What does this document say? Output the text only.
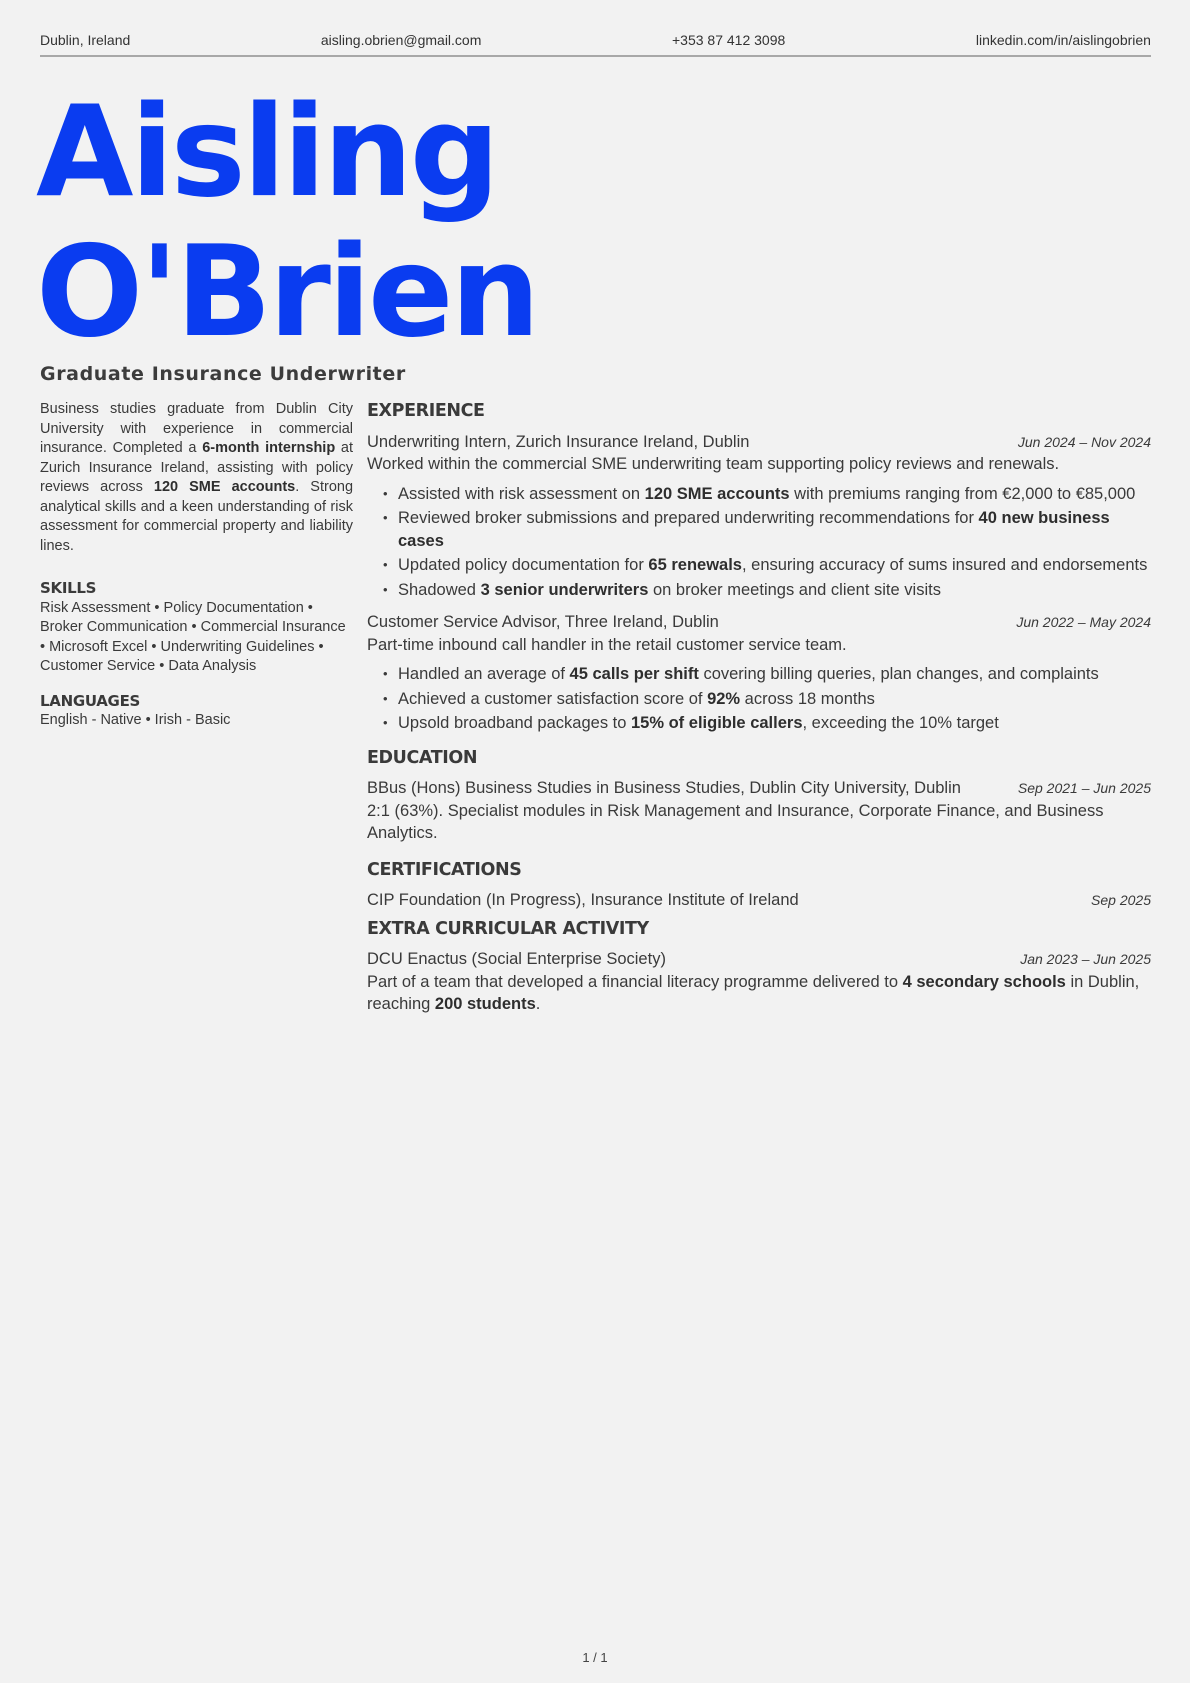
Dublin, Ireland	aisling.obrien@gmail.com	+353 87 412 3098	linkedin.com/in/aislingobrien
Aisling
O'Brien
Graduate Insurance Underwriter

Business studies graduate from Dublin City University with experience in commercial insurance. Completed a 6-month internship at Zurich Insurance Ireland, assisting with policy reviews across 120 SME accounts. Strong analytical skills and a keen understanding of risk assessment for commercial property and liability lines.

SKILLS

Risk Assessment • Policy Documentation • Broker Communication • Commercial Insurance • Microsoft Excel • Underwriting Guidelines • Customer Service • Data Analysis

LANGUAGES

English - Native • Irish - Basic

EXPERIENCE
Underwriting Intern, Zurich Insurance Ireland, Dublin	Jun 2024 – Nov 2024

Worked within the commercial SME underwriting team supporting policy reviews and renewals.

• Assisted with risk assessment on 120 SME accounts with premiums ranging from €2,000 to €85,000
• Reviewed broker submissions and prepared underwriting recommendations for 40 new business cases
• Updated policy documentation for 65 renewals, ensuring accuracy of sums insured and endorsements
• Shadowed 3 senior underwriters on broker meetings and client site visits
Customer Service Advisor, Three Ireland, Dublin	Jun 2022 – May 2024

Part-time inbound call handler in the retail customer service team.

• Handled an average of 45 calls per shift covering billing queries, plan changes, and complaints
• Achieved a customer satisfaction score of 92% across 18 months
• Upsold broadband packages to 15% of eligible callers, exceeding the 10% target
EDUCATION
BBus (Hons) Business Studies in Business Studies, Dublin City University, Dublin	Sep 2021 – Jun 2025

2:1 (63%). Specialist modules in Risk Management and Insurance, Corporate Finance, and Business Analytics.

CERTIFICATIONS
CIP Foundation (In Progress), Insurance Institute of Ireland	Sep 2025
EXTRA CURRICULAR ACTIVITY
DCU Enactus (Social Enterprise Society)	Jan 2023 – Jun 2025

Part of a team that developed a financial literacy programme delivered to 4 secondary schools in Dublin, reaching 200 students.

1 / 1
